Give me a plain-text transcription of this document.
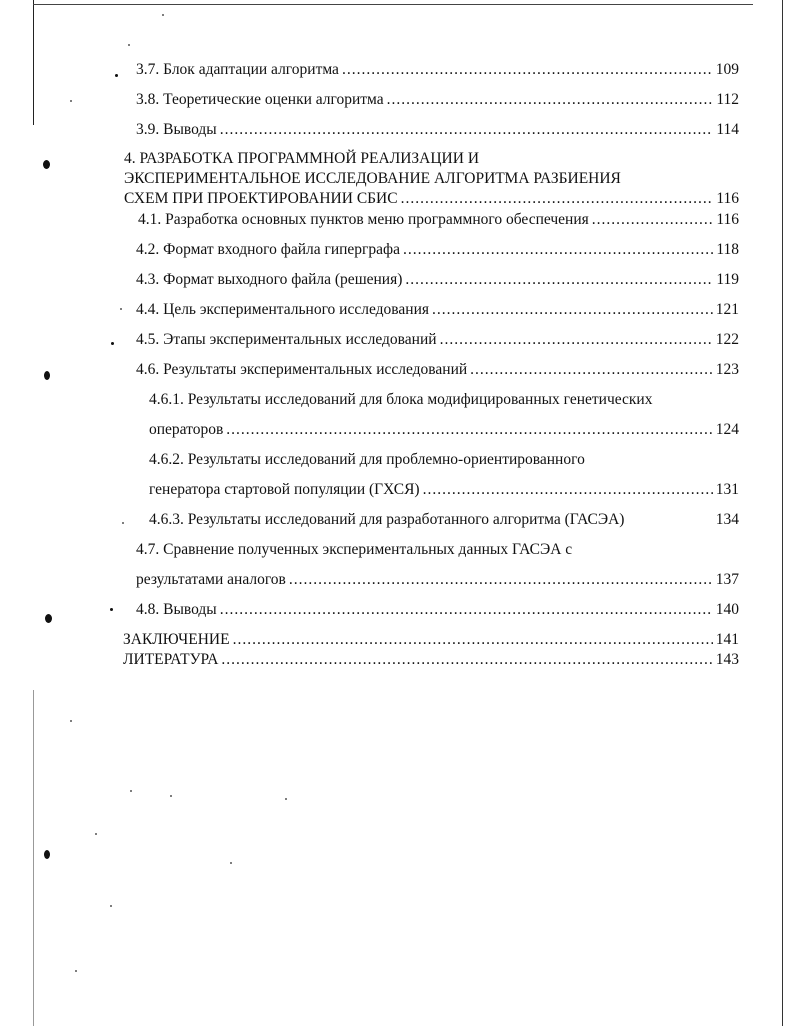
3.7. Блок адаптации алгоритма .....	109
3.8. Теоретические оценки алгоритма .....	112
3.9. Выводы .....	114
4. РАЗРАБОТКА ПРОГРАММНОЙ РЕАЛИЗАЦИИ И
ЭКСПЕРИМЕНТАЛЬНОЕ ИССЛЕДОВАНИЕ АЛГОРИТМА РАЗБИЕНИЯ
СХЕМ ПРИ ПРОЕКТИРОВАНИИ СБИС .....	116
4.1. Разработка основных пунктов меню программного обеспечения .....	116
4.2. Формат входного файла гиперграфа .....	118
4.3. Формат выходного файла (решения) .....	119
4.4. Цель экспериментального исследования .....	121
4.5. Этапы экспериментальных исследований .....	122
4.6. Результаты экспериментальных исследований .....	123
4.6.1. Результаты исследований для блока модифицированных генетических
операторов .....	124
4.6.2. Результаты исследований для проблемно-ориентированного
генератора стартовой популяции (ГХСЯ) .....	131
4.6.3. Результаты исследований для разработанного алгоритма (ГАСЭА)	134
4.7. Сравнение полученных экспериментальных данных ГАСЭА с
результатами аналогов .....	137
4.8. Выводы .....	140
ЗАКЛЮЧЕНИЕ .....	141
ЛИТЕРАТУРА .....	143
